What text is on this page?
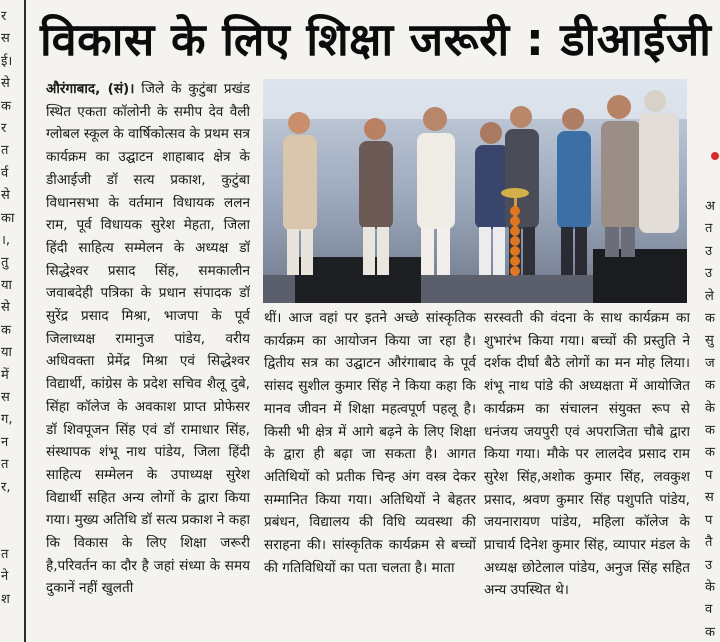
र
स
ई।
से
क
र
त
र्व
से
का
।,
तु
या
से
क
या
में
स
ग,
न
त
र,

त
ने
श
अ
त
उ
उ
ले
क
सु
ज
क
के
क
क
प
स
प
तै
उ
के
व
क
विकास के लिए शिक्षा जरूरी : डीआईजी

औरंगाबाद, (सं)। जिले के कुटुंबा प्रखंड स्थित एकता कॉलोनी के समीप देव वैली ग्लोबल स्कूल के वार्षिकोत्सव के प्रथम सत्र कार्यक्रम का उद्घाटन शाहाबाद क्षेत्र के डीआईजी डॉ सत्य प्रकाश, कुटुंबा विधानसभा के वर्तमान विधायक ललन राम, पूर्व विधायक सुरेश मेहता, जिला हिंदी साहित्य सम्मेलन के अध्यक्ष डॉ सिद्धेश्वर प्रसाद सिंह, समकालीन जवाबदेही पत्रिका के प्रधान संपादक डॉ सुरेंद्र प्रसाद मिश्रा, भाजपा के पूर्व जिलाध्यक्ष रामानुज पांडेय, वरीय अधिवक्ता प्रेमेंद्र मिश्रा एवं सिद्धेश्वर विद्यार्थी, कांग्रेस के प्रदेश सचिव शैलू दुबे, सिंहा कॉलेज के अवकाश प्राप्त प्रोफेसर डॉ शिवपूजन सिंह एवं डॉ रामाधार सिंह, संस्थापक शंभू नाथ पांडेय, जिला हिंदी साहित्य सम्मेलन के उपाध्यक्ष सुरेश विद्यार्थी सहित अन्य लोगों के द्वारा किया गया। मुख्य अतिथि डॉ सत्य प्रकाश ने कहा कि विकास के लिए शिक्षा जरूरी है,परिवर्तन का दौर है जहां संध्या के समय दुकानें नहीं खुलती

थीं। आज वहां पर इतने अच्छे सांस्कृतिक कार्यक्रम का आयोजन किया जा रहा है। द्वितीय सत्र का उद्घाटन औरंगाबाद के पूर्व सांसद सुशील कुमार सिंह ने किया कहा कि मानव जीवन में शिक्षा महत्वपूर्ण पहलू है। किसी भी क्षेत्र में आगे बढ़ने के लिए शिक्षा के द्वारा ही बढ़ा जा सकता है। आगत अतिथियों को प्रतीक चिन्ह अंग वस्त्र देकर सम्मानित किया गया। अतिथियों ने बेहतर प्रबंधन, विद्यालय की विधि व्यवस्था की सराहना की। सांस्कृतिक कार्यक्रम से बच्चों की गतिविधियों का पता चलता है। माता

सरस्वती की वंदना के साथ कार्यक्रम का शुभारंभ किया गया। बच्चों की प्रस्तुति ने दर्शक दीर्घा बैठे लोगों का मन मोह लिया। शंभू नाथ पांडे की अध्यक्षता में आयोजित कार्यक्रम का संचालन संयुक्त रूप से धनंजय जयपुरी एवं अपराजिता चौबे द्वारा किया गया। मौके पर लालदेव प्रसाद राम सुरेश सिंह,अशोक कुमार सिंह, लवकुश प्रसाद, श्रवण कुमार सिंह पशुपति पांडेय, जयनारायण पांडेय, महिला कॉलेज के प्राचार्य दिनेश कुमार सिंह, व्यापार मंडल के अध्यक्ष छोटेलाल पांडेय, अनुज सिंह सहित अन्य उपस्थित थे।
